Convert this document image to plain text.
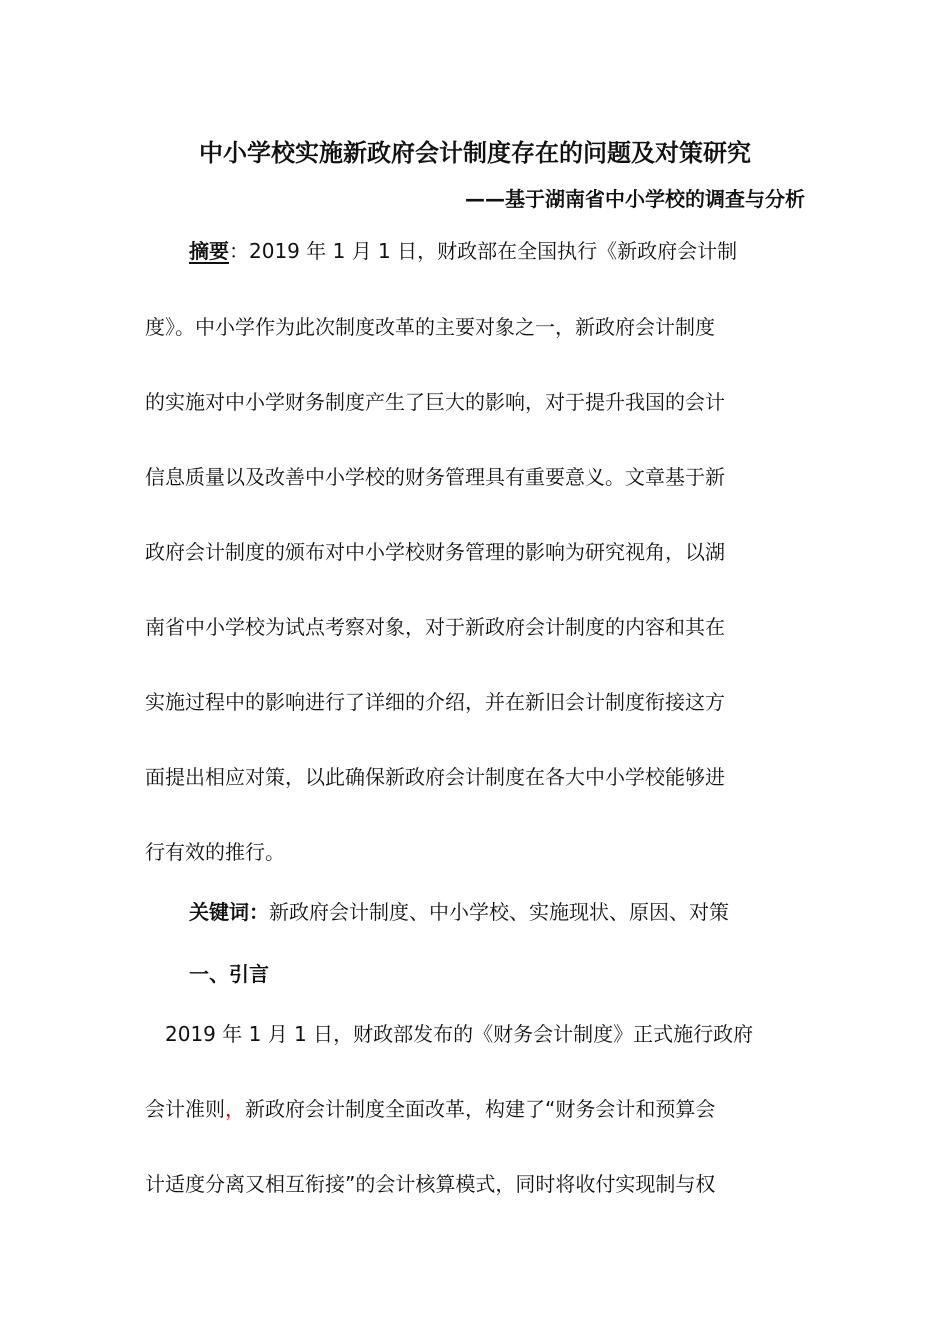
中小学校实施新政府会计制度存在的问题及对策研究
——基于湖南省中小学校的调查与分析
摘要：2019 年 1 月 1 日，财政部在全国执行《新政府会计制
度》。中小学作为此次制度改革的主要对象之一，新政府会计制度
的实施对中小学财务制度产生了巨大的影响，对于提升我国的会计
信息质量以及改善中小学校的财务管理具有重要意义。文章基于新
政府会计制度的颁布对中小学校财务管理的影响为研究视角，以湖
南省中小学校为试点考察对象，对于新政府会计制度的内容和其在
实施过程中的影响进行了详细的介绍，并在新旧会计制度衔接这方
面提出相应对策，以此确保新政府会计制度在各大中小学校能够进
行有效的推行。
关键词：新政府会计制度、中小学校、实施现状、原因、对策
一、引言
2019 年 1 月 1 日，财政部发布的《财务会计制度》正式施行政府
会计准则，新政府会计制度全面改革，构建了“财务会计和预算会
计适度分离又相互衔接”的会计核算模式，同时将收付实现制与权
